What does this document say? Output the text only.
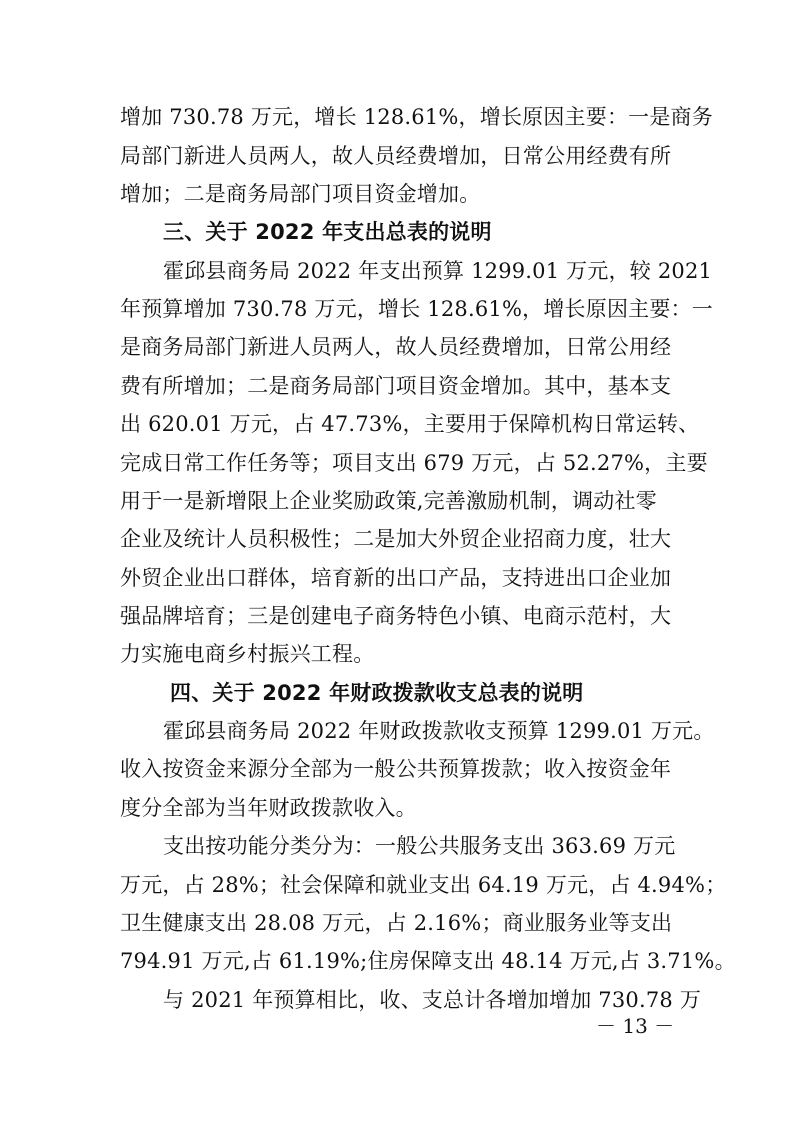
增加 730.78 万元，增长 128.61%，增长原因主要：一是商务
局部门新进人员两人，故人员经费增加，日常公用经费有所
增加；二是商务局部门项目资金增加。
三、关于 2022 年支出总表的说明
霍邱县商务局 2022 年支出预算 1299.01 万元，较 2021
年预算增加 730.78 万元，增长 128.61%，增长原因主要：一
是商务局部门新进人员两人，故人员经费增加，日常公用经
费有所增加；二是商务局部门项目资金增加。其中，基本支
出 620.01 万元，占 47.73%，主要用于保障机构日常运转、
完成日常工作任务等；项目支出 679 万元，占 52.27%，主要
用于一是新增限上企业奖励政策,完善激励机制，调动社零
企业及统计人员积极性；二是加大外贸企业招商力度，壮大
外贸企业出口群体，培育新的出口产品，支持进出口企业加
强品牌培育；三是创建电子商务特色小镇、电商示范村，大
力实施电商乡村振兴工程。
四、关于 2022 年财政拨款收支总表的说明
霍邱县商务局 2022 年财政拨款收支预算 1299.01 万元。
收入按资金来源分全部为一般公共预算拨款；收入按资金年
度分全部为当年财政拨款收入。
支出按功能分类分为：一般公共服务支出 363.69 万元
万元，占 28%；社会保障和就业支出 64.19 万元，占 4.94%；
卫生健康支出 28.08 万元，占 2.16%；商业服务业等支出
794.91 万元,占 61.19%;住房保障支出 48.14 万元,占 3.71%。
与 2021 年预算相比，收、支总计各增加增加 730.78 万
－ 13 －
